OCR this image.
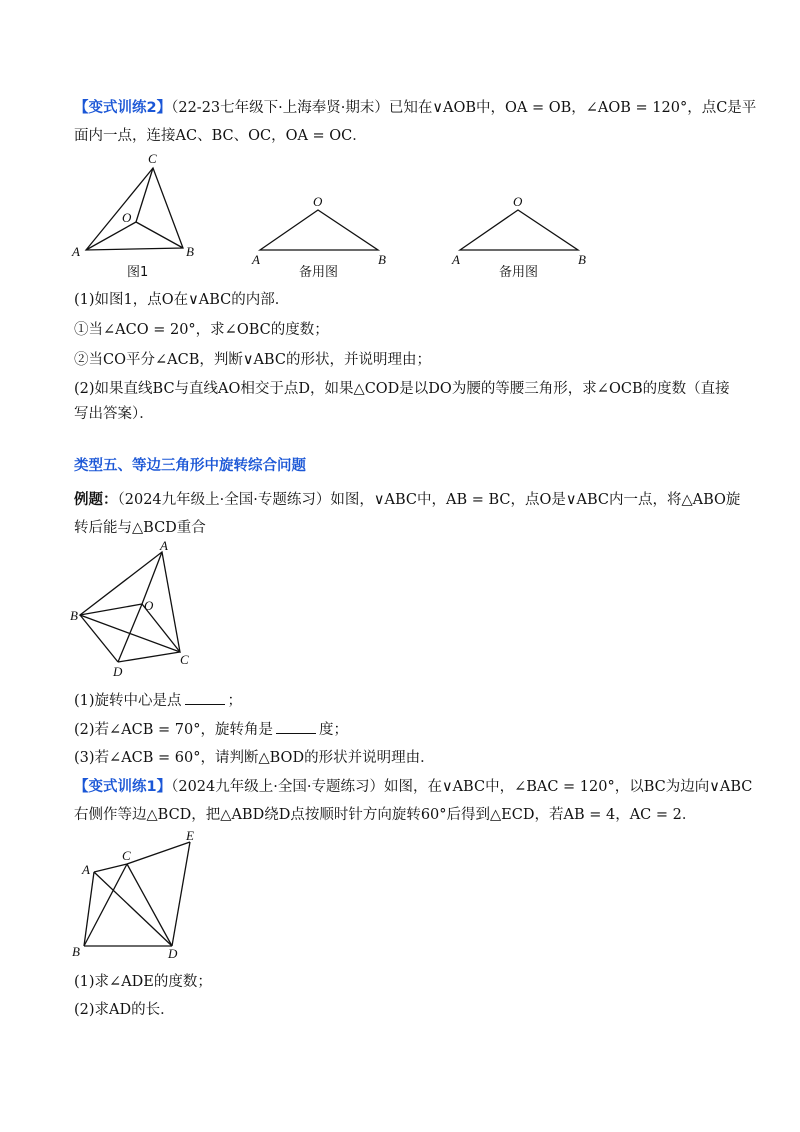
【变式训练2】（22-23七年级下·上海奉贤·期末）已知在∨AOB中，OA = OB，∠AOB = 120°，点C是平
面内一点，连接AC、BC、OC，OA = OC．
C
O
A	B
图1
O
A	B
备用图
O
A	B
备用图
(1)如图1，点O在∨ABC的内部．
①当∠ACO = 20°，求∠OBC的度数；
②当CO平分∠ACB，判断∨ABC的形状，并说明理由；
(2)如果直线BC与直线AO相交于点D，如果△COD是以DO为腰的等腰三角形，求∠OCB的度数（直接
写出答案）．
类型五、等边三角形中旋转综合问题
例题：（2024九年级上·全国·专题练习）如图，∨ABC中，AB = BC，点O是∨ABC内一点，将△ABO旋
转后能与△BCD重合
A
B
O
C
D
(1)旋转中心是点	；
(2)若∠ACB = 70°，旋转角是	度；
(3)若∠ACB = 60°，请判断△BOD的形状并说明理由．
【变式训练1】（2024九年级上·全国·专题练习）如图，在∨ABC中，∠BAC = 120°，以BC为边向∨ABC
右侧作等边△BCD，把△ABD绕D点按顺时针方向旋转60°后得到△ECD，若AB = 4，AC = 2．
E
C
A
B	D
(1)求∠ADE的度数；
(2)求AD的长．
